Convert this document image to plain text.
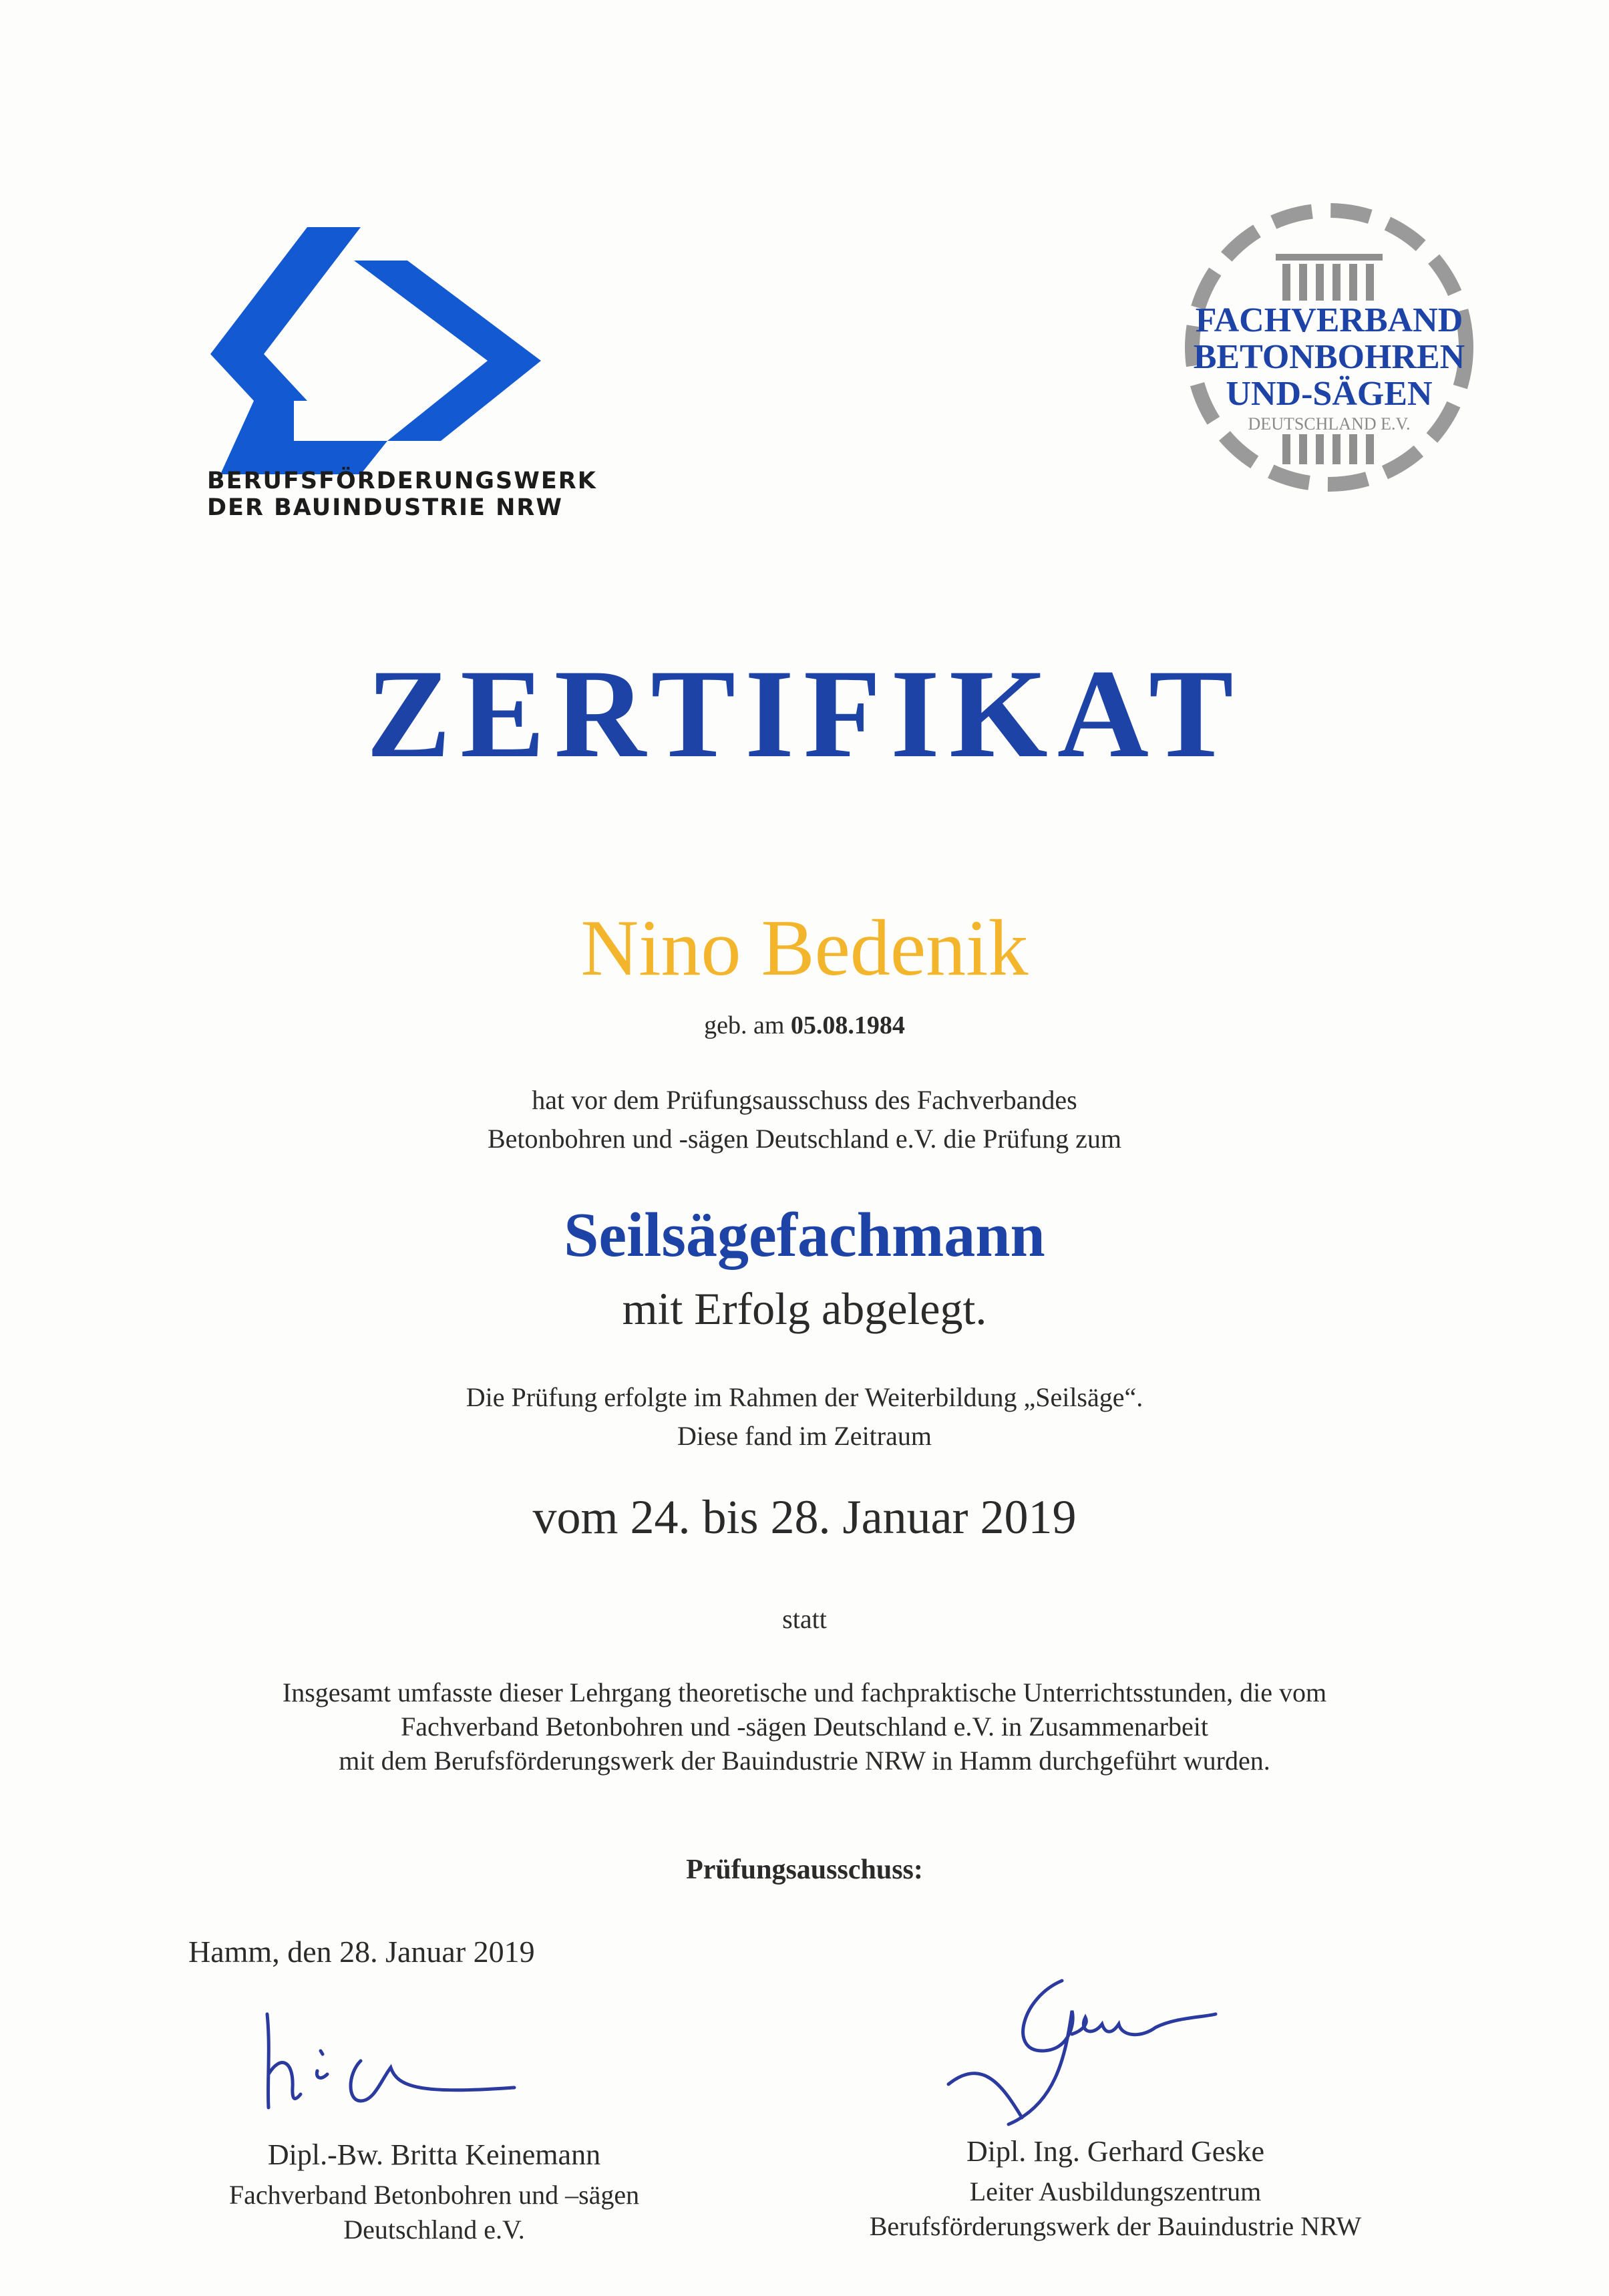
BERUFSFÖRDERUNGSWERK
DER BAUINDUSTRIE NRW
FACHVERBAND
BETONBOHREN
UND-SÄGEN
DEUTSCHLAND E.V.
ZERTIFIKAT
Nino Bedenik
geb. am 05.08.1984
hat vor dem Prüfungsausschuss des Fachverbandes
Betonbohren und -sägen Deutschland e.V. die Prüfung zum
Seilsägefachmann
mit Erfolg abgelegt.
Die Prüfung erfolgte im Rahmen der Weiterbildung „Seilsäge“.
Diese fand im Zeitraum
vom 24. bis 28. Januar 2019
statt
Insgesamt umfasste dieser Lehrgang theoretische und fachpraktische Unterrichtsstunden, die vom
Fachverband Betonbohren und -sägen Deutschland e.V. in Zusammenarbeit
mit dem Berufsförderungswerk der Bauindustrie NRW in Hamm durchgeführt wurden.
Prüfungsausschuss:
Hamm, den 28. Januar 2019
Dipl.-Bw. Britta Keinemann
Fachverband Betonbohren und –sägen
Deutschland e.V.
Dipl. Ing. Gerhard Geske
Leiter Ausbildungszentrum
Berufsförderungswerk der Bauindustrie NRW
